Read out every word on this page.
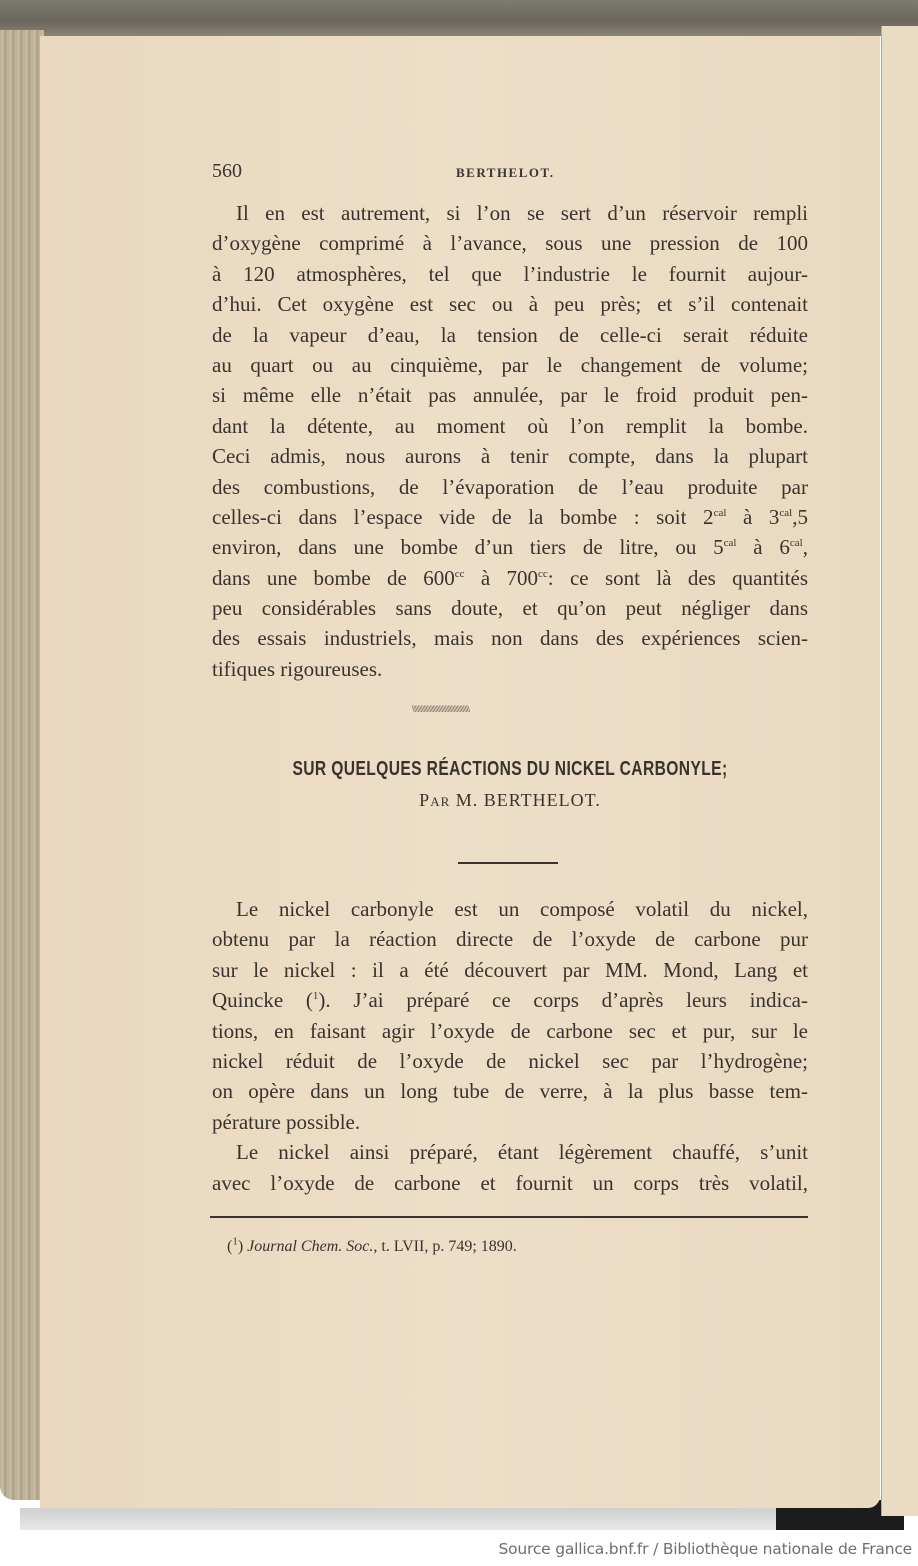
560	BERTHELOT.
Il en est autrement, si l’on se sert d’un réservoir rempli
d’oxygène comprimé à l’avance, sous une pression de 100
à 120 atmosphères, tel que l’industrie le fournit aujour-
d’hui. Cet oxygène est sec ou à peu près; et s’il contenait
de la vapeur d’eau, la tension de celle-ci serait réduite
au quart ou au cinquième, par le changement de volume;
si même elle n’était pas annulée, par le froid produit pen-
dant la détente, au moment où l’on remplit la bombe.
Ceci admis, nous aurons à tenir compte, dans la plupart
des combustions, de l’évaporation de l’eau produite par
celles-ci dans l’espace vide de la bombe : soit $2^{cal}$ à $3^{cal},5$
environ, dans une bombe d’un tiers de litre, ou $5^{cal}$ à $6^{cal}$,
dans une bombe de $600^{cc}$ à $700^{cc}$: ce sont là des quantités
peu considérables sans doute, et qu’on peut négliger dans
des essais industriels, mais non dans des expériences scien-
tifiques rigoureuses.
\\\\\\\\\\\\\\\\\\\\\\\\\\\\\\\\\\\\\\
SUR QUELQUES RÉACTIONS DU NICKEL CARBONYLE;
PAR M. BERTHELOT.
Le nickel carbonyle est un composé volatil du nickel,
obtenu par la réaction directe de l’oxyde de carbone pur
sur le nickel : il a été découvert par MM. Mond, Lang et
Quincke ($^1$). J’ai préparé ce corps d’après leurs indica-
tions, en faisant agir l’oxyde de carbone sec et pur, sur le
nickel réduit de l’oxyde de nickel sec par l’hydrogène;
on opère dans un long tube de verre, à la plus basse tem-
pérature possible.
Le nickel ainsi préparé, étant légèrement chauffé, s’unit
avec l’oxyde de carbone et fournit un corps très volatil,
($^1$) Journal Chem. Soc., t. LVII, p. 749; 1890.
Source gallica.bnf.fr / Bibliothèque nationale de France
